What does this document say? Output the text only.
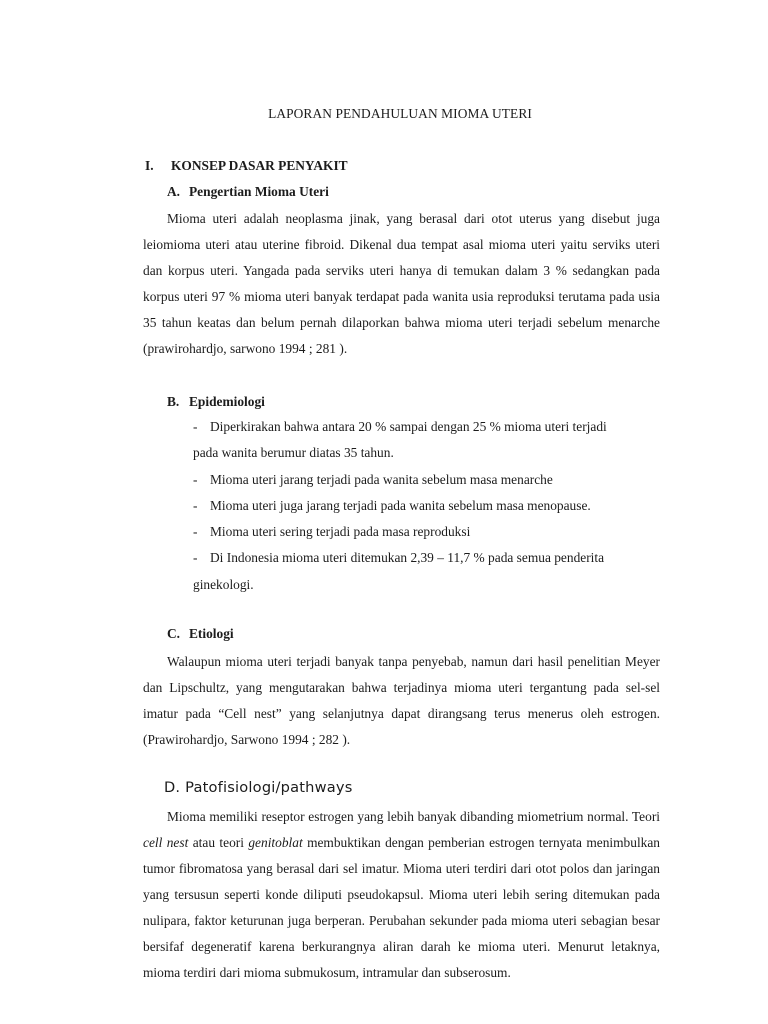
LAPORAN PENDAHULUAN MIOMA UTERI
I. KONSEP DASAR PENYAKIT
A. Pengertian Mioma Uteri

Mioma uteri adalah neoplasma jinak, yang berasal dari otot uterus yang disebut juga leiomioma uteri atau uterine fibroid. Dikenal dua tempat asal mioma uteri yaitu serviks uteri dan korpus uteri. Yangada pada serviks uteri hanya di temukan dalam 3 % sedangkan pada korpus uteri 97 % mioma uteri banyak terdapat pada wanita usia reproduksi terutama pada usia 35 tahun keatas dan belum pernah dilaporkan bahwa mioma uteri terjadi sebelum menarche (prawirohardjo, sarwono 1994 ; 281 ).

B. Epidemiologi
- Diperkirakan bahwa antara 20 % sampai dengan 25 % mioma uteri terjadi
pada wanita berumur diatas 35 tahun.
- Mioma uteri jarang terjadi pada wanita sebelum masa menarche
- Mioma uteri juga jarang terjadi pada wanita sebelum masa menopause.
- Mioma uteri sering terjadi pada masa reproduksi
- Di Indonesia mioma uteri ditemukan 2,39 – 11,7 % pada semua penderita
ginekologi.
C. Etiologi

Walaupun mioma uteri terjadi banyak tanpa penyebab, namun dari hasil penelitian Meyer dan Lipschultz, yang mengutarakan bahwa terjadinya mioma uteri tergantung pada sel-sel imatur pada “Cell nest” yang selanjutnya dapat dirangsang terus menerus oleh estrogen. (Prawirohardjo, Sarwono 1994 ; 282 ).

D. Patofisiologi/pathways

Mioma memiliki reseptor estrogen yang lebih banyak dibanding miometrium normal. Teori cell nest atau teori genitoblat membuktikan dengan pemberian estrogen ternyata menimbulkan tumor fibromatosa yang berasal dari sel imatur. Mioma uteri terdiri dari otot polos dan jaringan yang tersusun seperti konde diliputi pseudokapsul. Mioma uteri lebih sering ditemukan pada nulipara, faktor keturunan juga berperan. Perubahan sekunder pada mioma uteri sebagian besar bersifaf degeneratif karena berkurangnya aliran darah ke mioma uteri. Menurut letaknya, mioma terdiri dari mioma submukosum, intramular dan subserosum.
